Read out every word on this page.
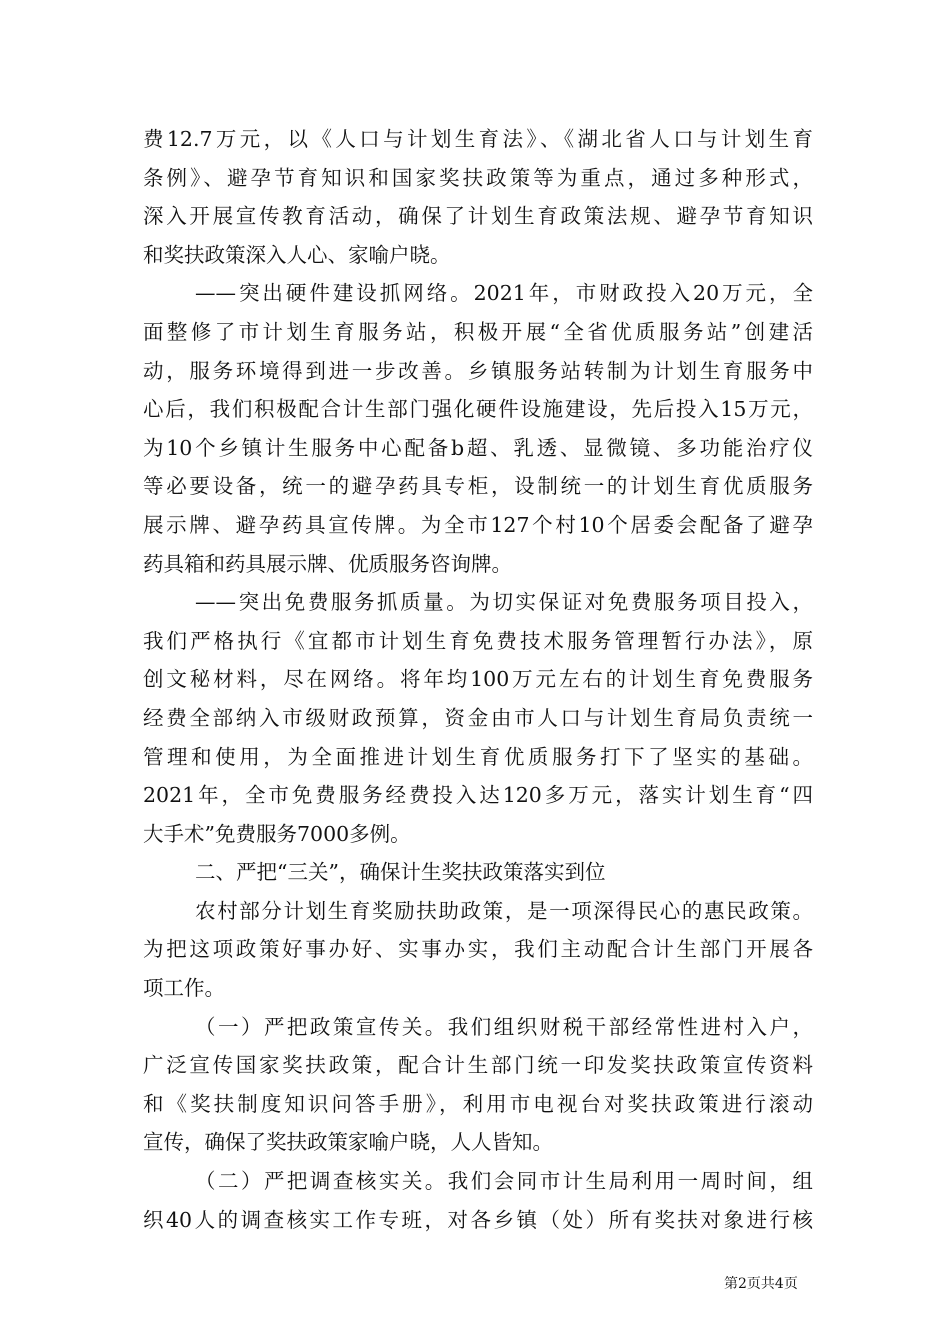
费12.7万元，以《人口与计划生育法》、《湖北省人口与计划生育
条例》、避孕节育知识和国家奖扶政策等为重点，通过多种形式，
深入开展宣传教育活动，确保了计划生育政策法规、避孕节育知识
和奖扶政策深入人心、家喻户晓。
——突出硬件建设抓网络。2021年，市财政投入20万元，全
面整修了市计划生育服务站，积极开展“全省优质服务站”创建活
动，服务环境得到进一步改善。乡镇服务站转制为计划生育服务中
心后，我们积极配合计生部门强化硬件设施建设，先后投入15万元，
为10个乡镇计生服务中心配备b超、乳透、显微镜、多功能治疗仪
等必要设备，统一的避孕药具专柜，设制统一的计划生育优质服务
展示牌、避孕药具宣传牌。为全市127个村10个居委会配备了避孕
药具箱和药具展示牌、优质服务咨询牌。
——突出免费服务抓质量。为切实保证对免费服务项目投入，
我们严格执行《宜都市计划生育免费技术服务管理暂行办法》，原
创文秘材料，尽在网络。将年均100万元左右的计划生育免费服务
经费全部纳入市级财政预算，资金由市人口与计划生育局负责统一
管理和使用，为全面推进计划生育优质服务打下了坚实的基础。
2021年，全市免费服务经费投入达120多万元，落实计划生育“四
大手术”免费服务7000多例。
二、严把“三关”，确保计生奖扶政策落实到位
农村部分计划生育奖励扶助政策，是一项深得民心的惠民政策。
为把这项政策好事办好、实事办实，我们主动配合计生部门开展各
项工作。
（一）严把政策宣传关。我们组织财税干部经常性进村入户，
广泛宣传国家奖扶政策，配合计生部门统一印发奖扶政策宣传资料
和《奖扶制度知识问答手册》，利用市电视台对奖扶政策进行滚动
宣传，确保了奖扶政策家喻户晓，人人皆知。
（二）严把调查核实关。我们会同市计生局利用一周时间，组
织40人的调查核实工作专班，对各乡镇（处）所有奖扶对象进行核
第2页共4页
